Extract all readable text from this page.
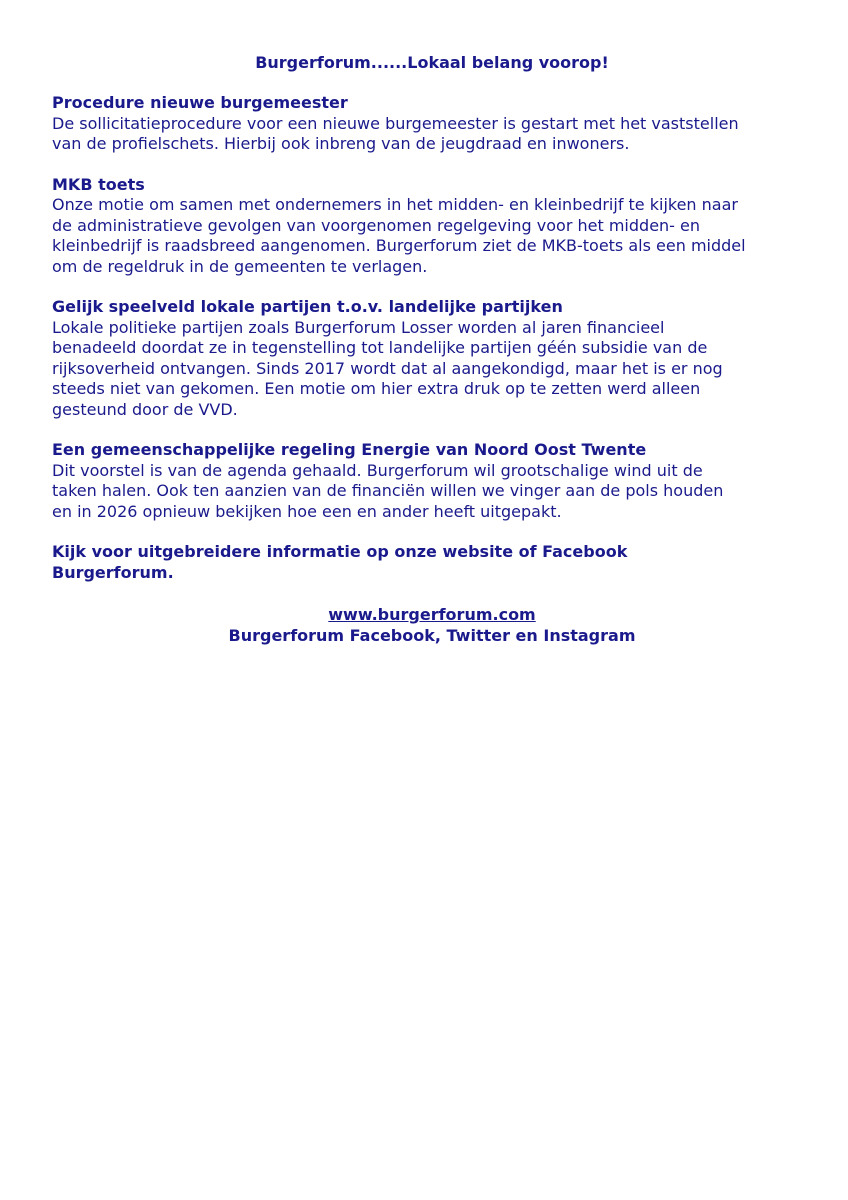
Burgerforum......Lokaal belang voorop!
Procedure nieuwe burgemeester
De sollicitatieprocedure voor een nieuwe burgemeester is gestart met het vaststellen
van de profielschets. Hierbij ook inbreng van de jeugdraad en inwoners.
MKB toets
Onze motie om samen met ondernemers in het midden- en kleinbedrijf te kijken naar
de administratieve gevolgen van voorgenomen regelgeving voor het midden- en
kleinbedrijf is raadsbreed aangenomen. Burgerforum ziet de MKB-toets als een middel
om de regeldruk in de gemeenten te verlagen.
Gelijk speelveld lokale partijen t.o.v. landelijke partijken
Lokale politieke partijen zoals Burgerforum Losser worden al jaren financieel
benadeeld doordat ze in tegenstelling tot landelijke partijen géén subsidie van de
rijksoverheid ontvangen. Sinds 2017 wordt dat al aangekondigd, maar het is er nog
steeds niet van gekomen. Een motie om hier extra druk op te zetten werd alleen
gesteund door de VVD.
Een gemeenschappelijke regeling Energie van Noord Oost Twente
Dit voorstel is van de agenda gehaald. Burgerforum wil grootschalige wind uit de
taken halen. Ook ten aanzien van de financiën willen we vinger aan de pols houden
en in 2026 opnieuw bekijken hoe een en ander heeft uitgepakt.
Kijk voor uitgebreidere informatie op onze website of Facebook
Burgerforum.
www.burgerforum.com
Burgerforum Facebook, Twitter en Instagram
